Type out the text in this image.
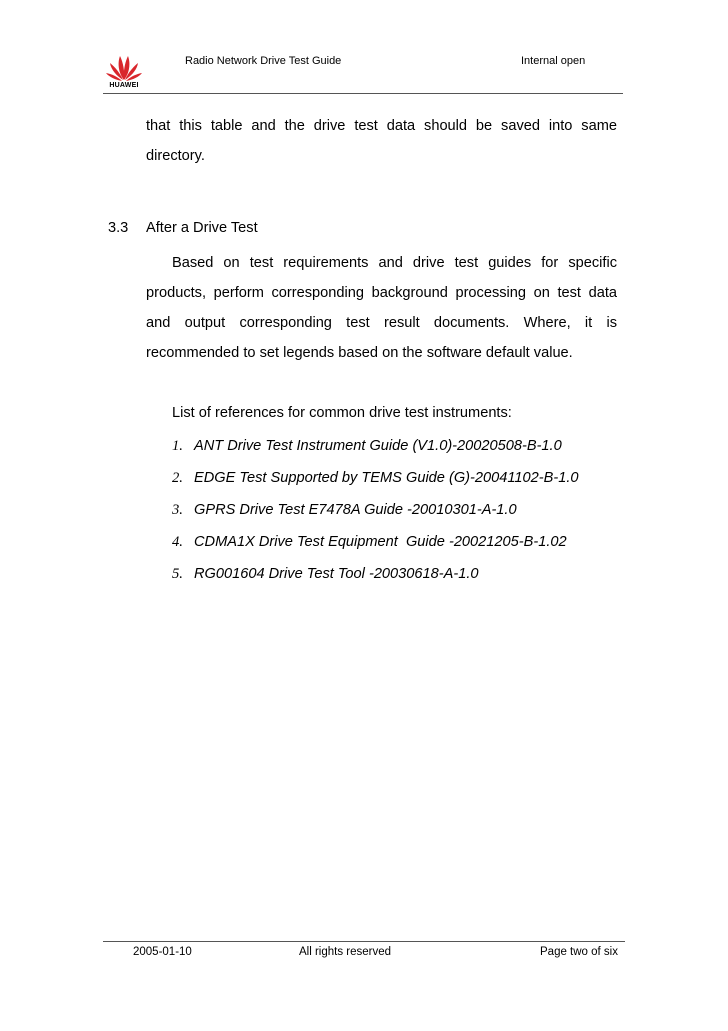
HUAWEI
Radio Network Drive Test Guide	Internal open
that this table and the drive test data should be saved into same
directory.
3.3 After a Drive Test
Based on test requirements and drive test guides for specific
products, perform corresponding background processing on test data
and output corresponding test result documents. Where, it is
recommended to set legends based on the software default value.
List of references for common drive test instruments:
1. ANT Drive Test Instrument Guide (V1.0)-20020508-B-1.0
2. EDGE Test Supported by TEMS Guide (G)-20041102-B-1.0
3. GPRS Drive Test E7478A Guide -20010301-A-1.0
4. CDMA1X Drive Test Equipment  Guide -20021205-B-1.02
5. RG001604 Drive Test Tool -20030618-A-1.0
2005-01-10	All rights reserved	Page two of six
